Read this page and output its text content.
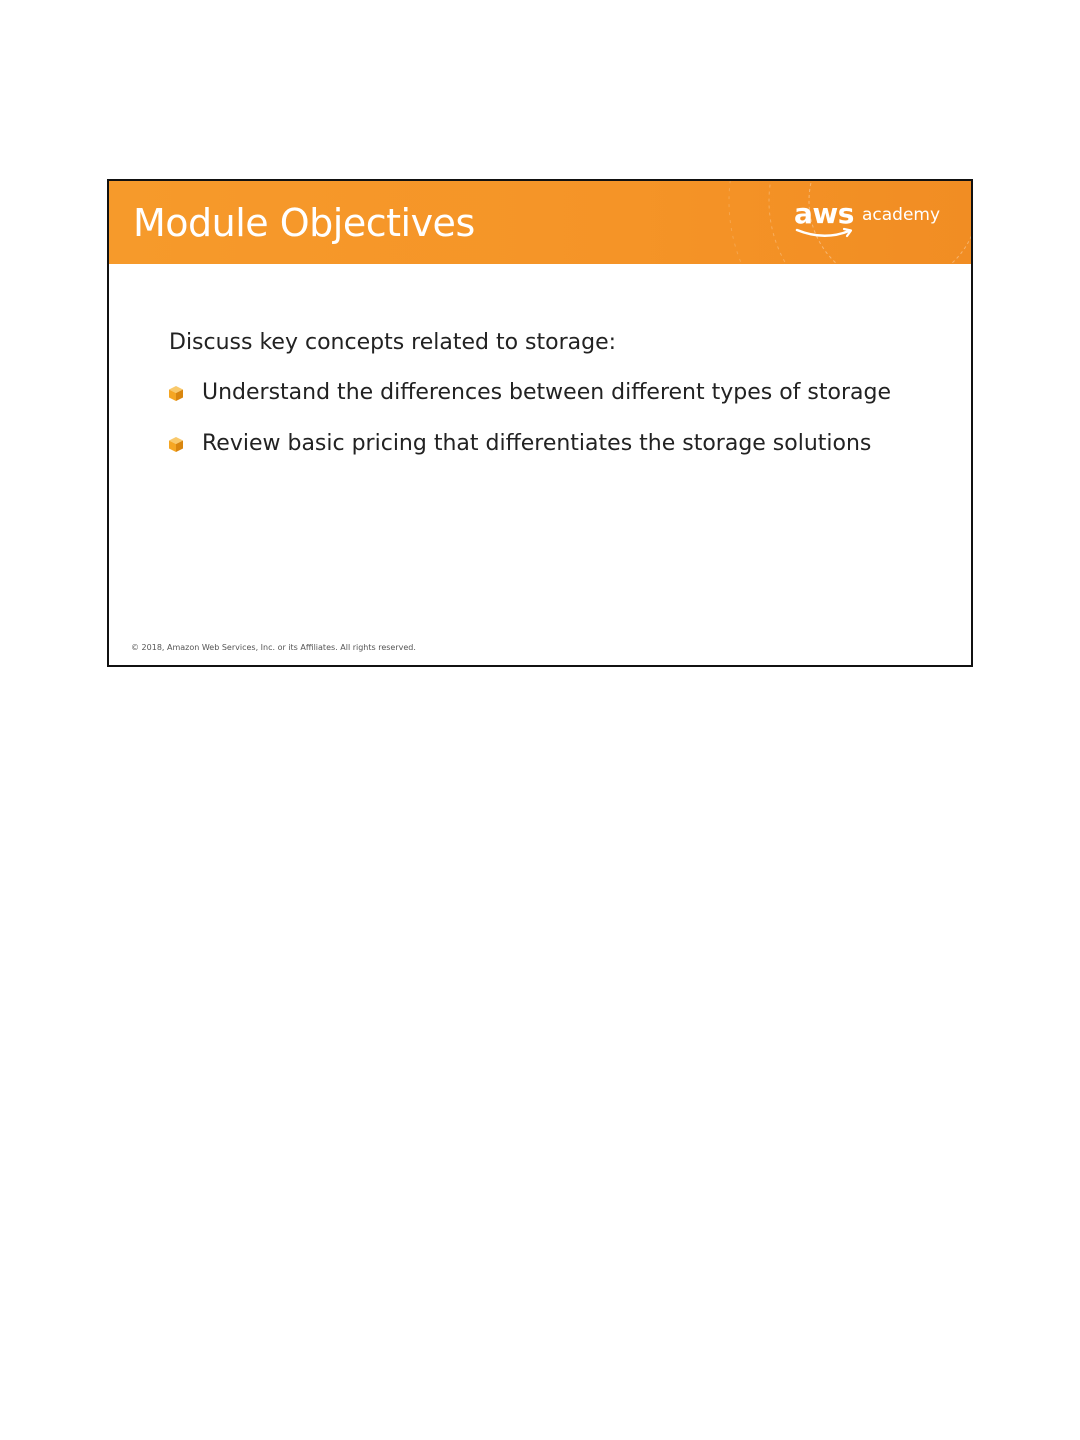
Module Objectives	aws academy

Discuss key concepts related to storage:

Understand the differences between different types of storage
Review basic pricing that differentiates the storage solutions
© 2018, Amazon Web Services, Inc. or its Affiliates. All rights reserved.
